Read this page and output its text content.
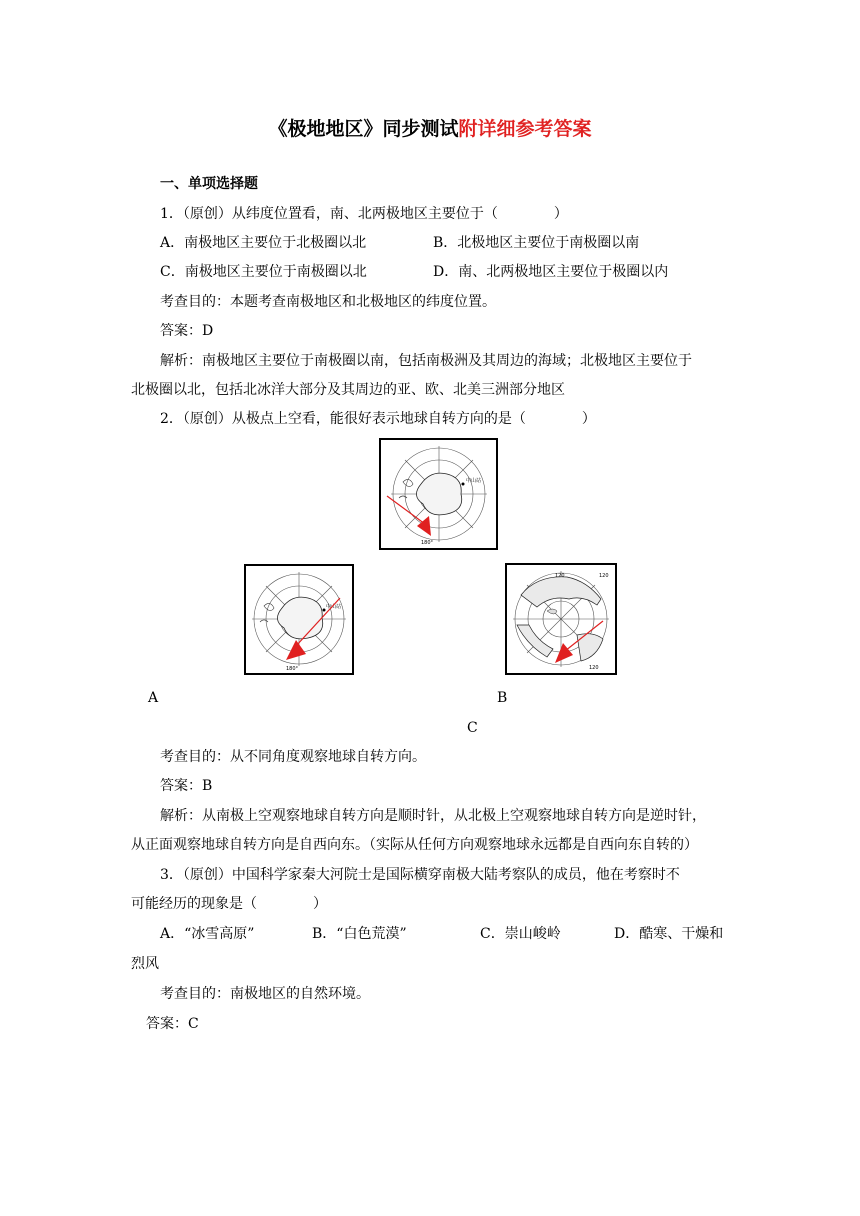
《极地地区》同步测试附详细参考答案
一、单项选择题
1．（原创）从纬度位置看，南、北两极地区主要位于（　　　　）
A．南极地区主要位于北极圈以北	B．北极地区主要位于南极圈以南
C．南极地区主要位于南极圈以北	D．南、北两极地区主要位于极圈以内
考查目的：本题考查南极地区和北极地区的纬度位置。
答案：D
解析：南极地区主要位于南极圈以南，包括南极洲及其周边的海域；北极地区主要位于
北极圈以北，包括北冰洋大部分及其周边的亚、欧、北美三洲部分地区
2．（原创）从极点上空看，能很好表示地球自转方向的是（　　　　）
中山站
180°
中山站
180°
120	120
120
A	B
C
考查目的：从不同角度观察地球自转方向。
答案：B
解析：从南极上空观察地球自转方向是顺时针，从北极上空观察地球自转方向是逆时针，
从正面观察地球自转方向是自西向东。（实际从任何方向观察地球永远都是自西向东自转的）
3．（原创）中国科学家秦大河院士是国际横穿南极大陆考察队的成员，他在考察时不
可能经历的现象是（　　　　）
A．“冰雪高原”	B．“白色荒漠”	C．崇山峻岭	D．酷寒、干燥和
烈风
考查目的：南极地区的自然环境。
答案：C
